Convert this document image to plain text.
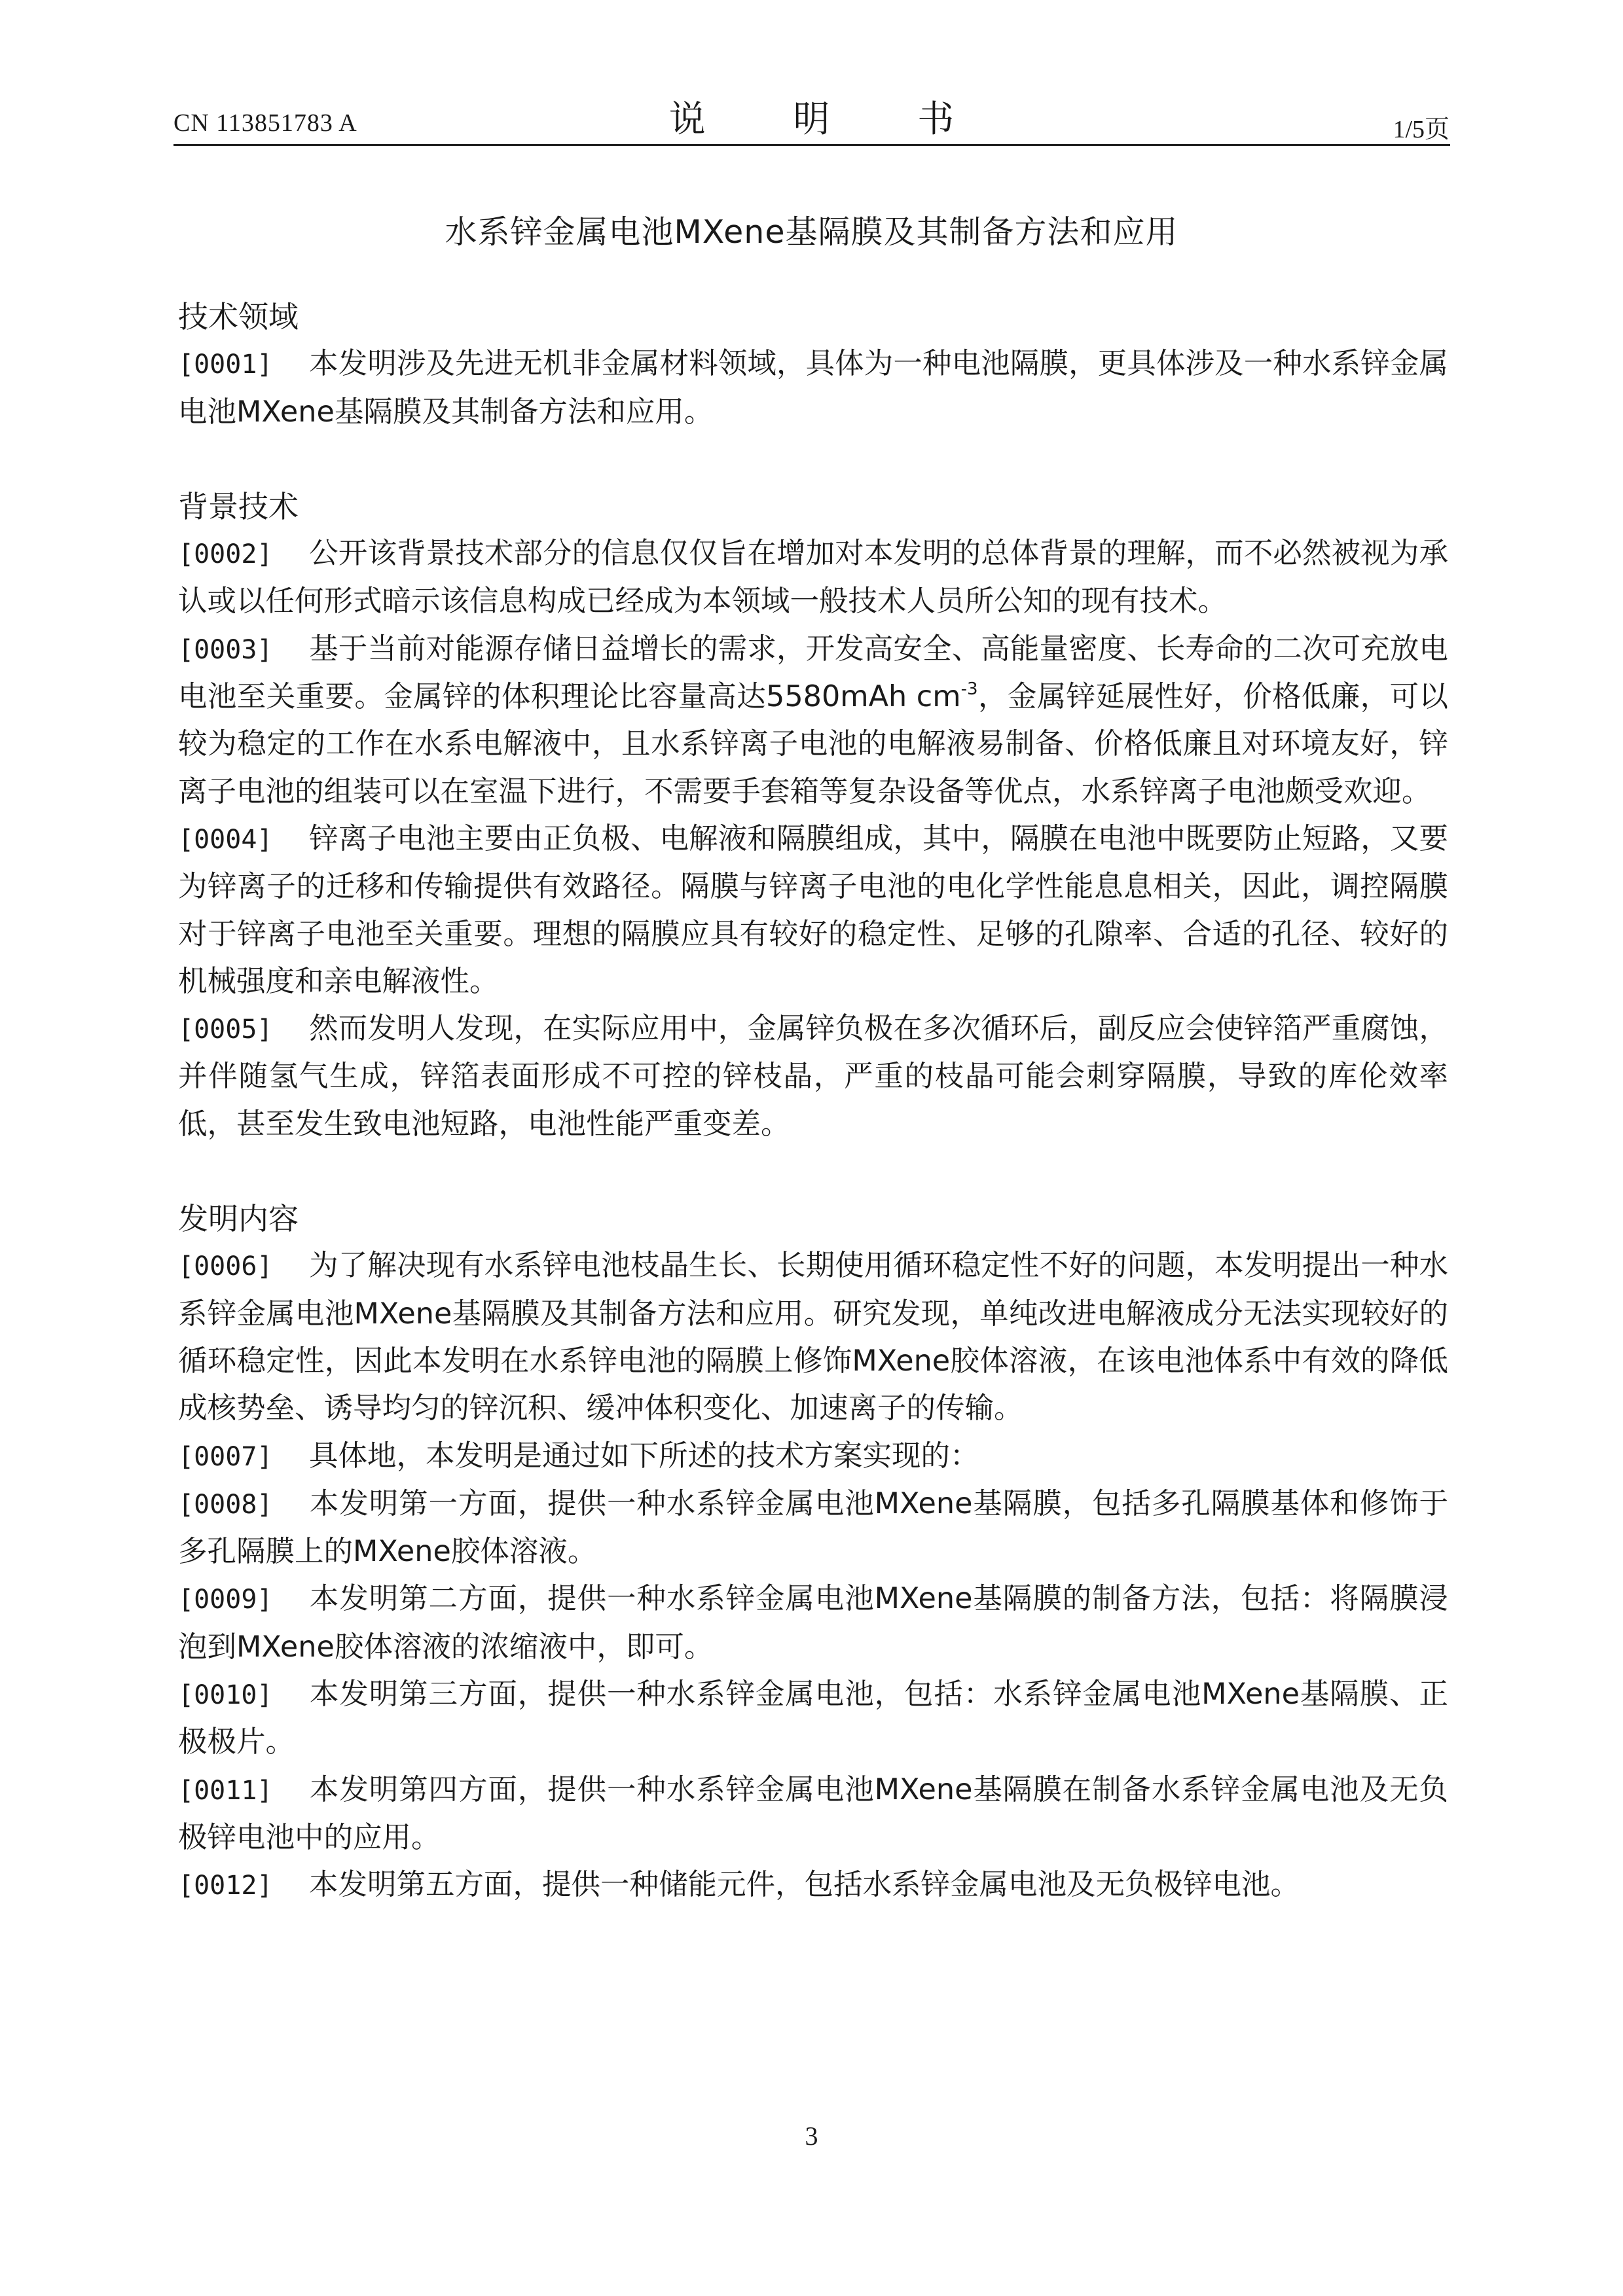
CN 113851783 A	说 明 书	1/5页
水系锌金属电池MXene基隔膜及其制备方法和应用
技术领域

[0001] 本发明涉及先进无机非金属材料领域，具体为一种电池隔膜，更具体涉及一种水系锌金属电池MXene基隔膜及其制备方法和应用。

背景技术

[0002] 公开该背景技术部分的信息仅仅旨在增加对本发明的总体背景的理解，而不必然被视为承认或以任何形式暗示该信息构成已经成为本领域一般技术人员所公知的现有技术。

[0003] 基于当前对能源存储日益增长的需求，开发高安全、高能量密度、长寿命的二次可充放电电池至关重要。金属锌的体积理论比容量高达5580mAh $cm^{-3}$，金属锌延展性好，价格低廉，可以较为稳定的工作在水系电解液中，且水系锌离子电池的电解液易制备、价格低廉且对环境友好，锌离子电池的组装可以在室温下进行，不需要手套箱等复杂设备等优点，水系锌离子电池颇受欢迎。

[0004] 锌离子电池主要由正负极、电解液和隔膜组成，其中，隔膜在电池中既要防止短路，又要为锌离子的迁移和传输提供有效路径。隔膜与锌离子电池的电化学性能息息相关，因此，调控隔膜对于锌离子电池至关重要。理想的隔膜应具有较好的稳定性、足够的孔隙率、合适的孔径、较好的机械强度和亲电解液性。

[0005] 然而发明人发现，在实际应用中，金属锌负极在多次循环后，副反应会使锌箔严重腐蚀，并伴随氢气生成，锌箔表面形成不可控的锌枝晶，严重的枝晶可能会刺穿隔膜，导致的库伦效率低，甚至发生致电池短路，电池性能严重变差。

发明内容

[0006] 为了解决现有水系锌电池枝晶生长、长期使用循环稳定性不好的问题，本发明提出一种水系锌金属电池MXene基隔膜及其制备方法和应用。研究发现，单纯改进电解液成分无法实现较好的循环稳定性，因此本发明在水系锌电池的隔膜上修饰MXene胶体溶液，在该电池体系中有效的降低成核势垒、诱导均匀的锌沉积、缓冲体积变化、加速离子的传输。

[0007] 具体地，本发明是通过如下所述的技术方案实现的：

[0008] 本发明第一方面，提供一种水系锌金属电池MXene基隔膜，包括多孔隔膜基体和修饰于多孔隔膜上的MXene胶体溶液。

[0009] 本发明第二方面，提供一种水系锌金属电池MXene基隔膜的制备方法，包括：将隔膜浸泡到MXene胶体溶液的浓缩液中，即可。

[0010] 本发明第三方面，提供一种水系锌金属电池，包括：水系锌金属电池MXene基隔膜、正极极片。

[0011] 本发明第四方面，提供一种水系锌金属电池MXene基隔膜在制备水系锌金属电池及无负极锌电池中的应用。

[0012] 本发明第五方面，提供一种储能元件，包括水系锌金属电池及无负极锌电池。

3
